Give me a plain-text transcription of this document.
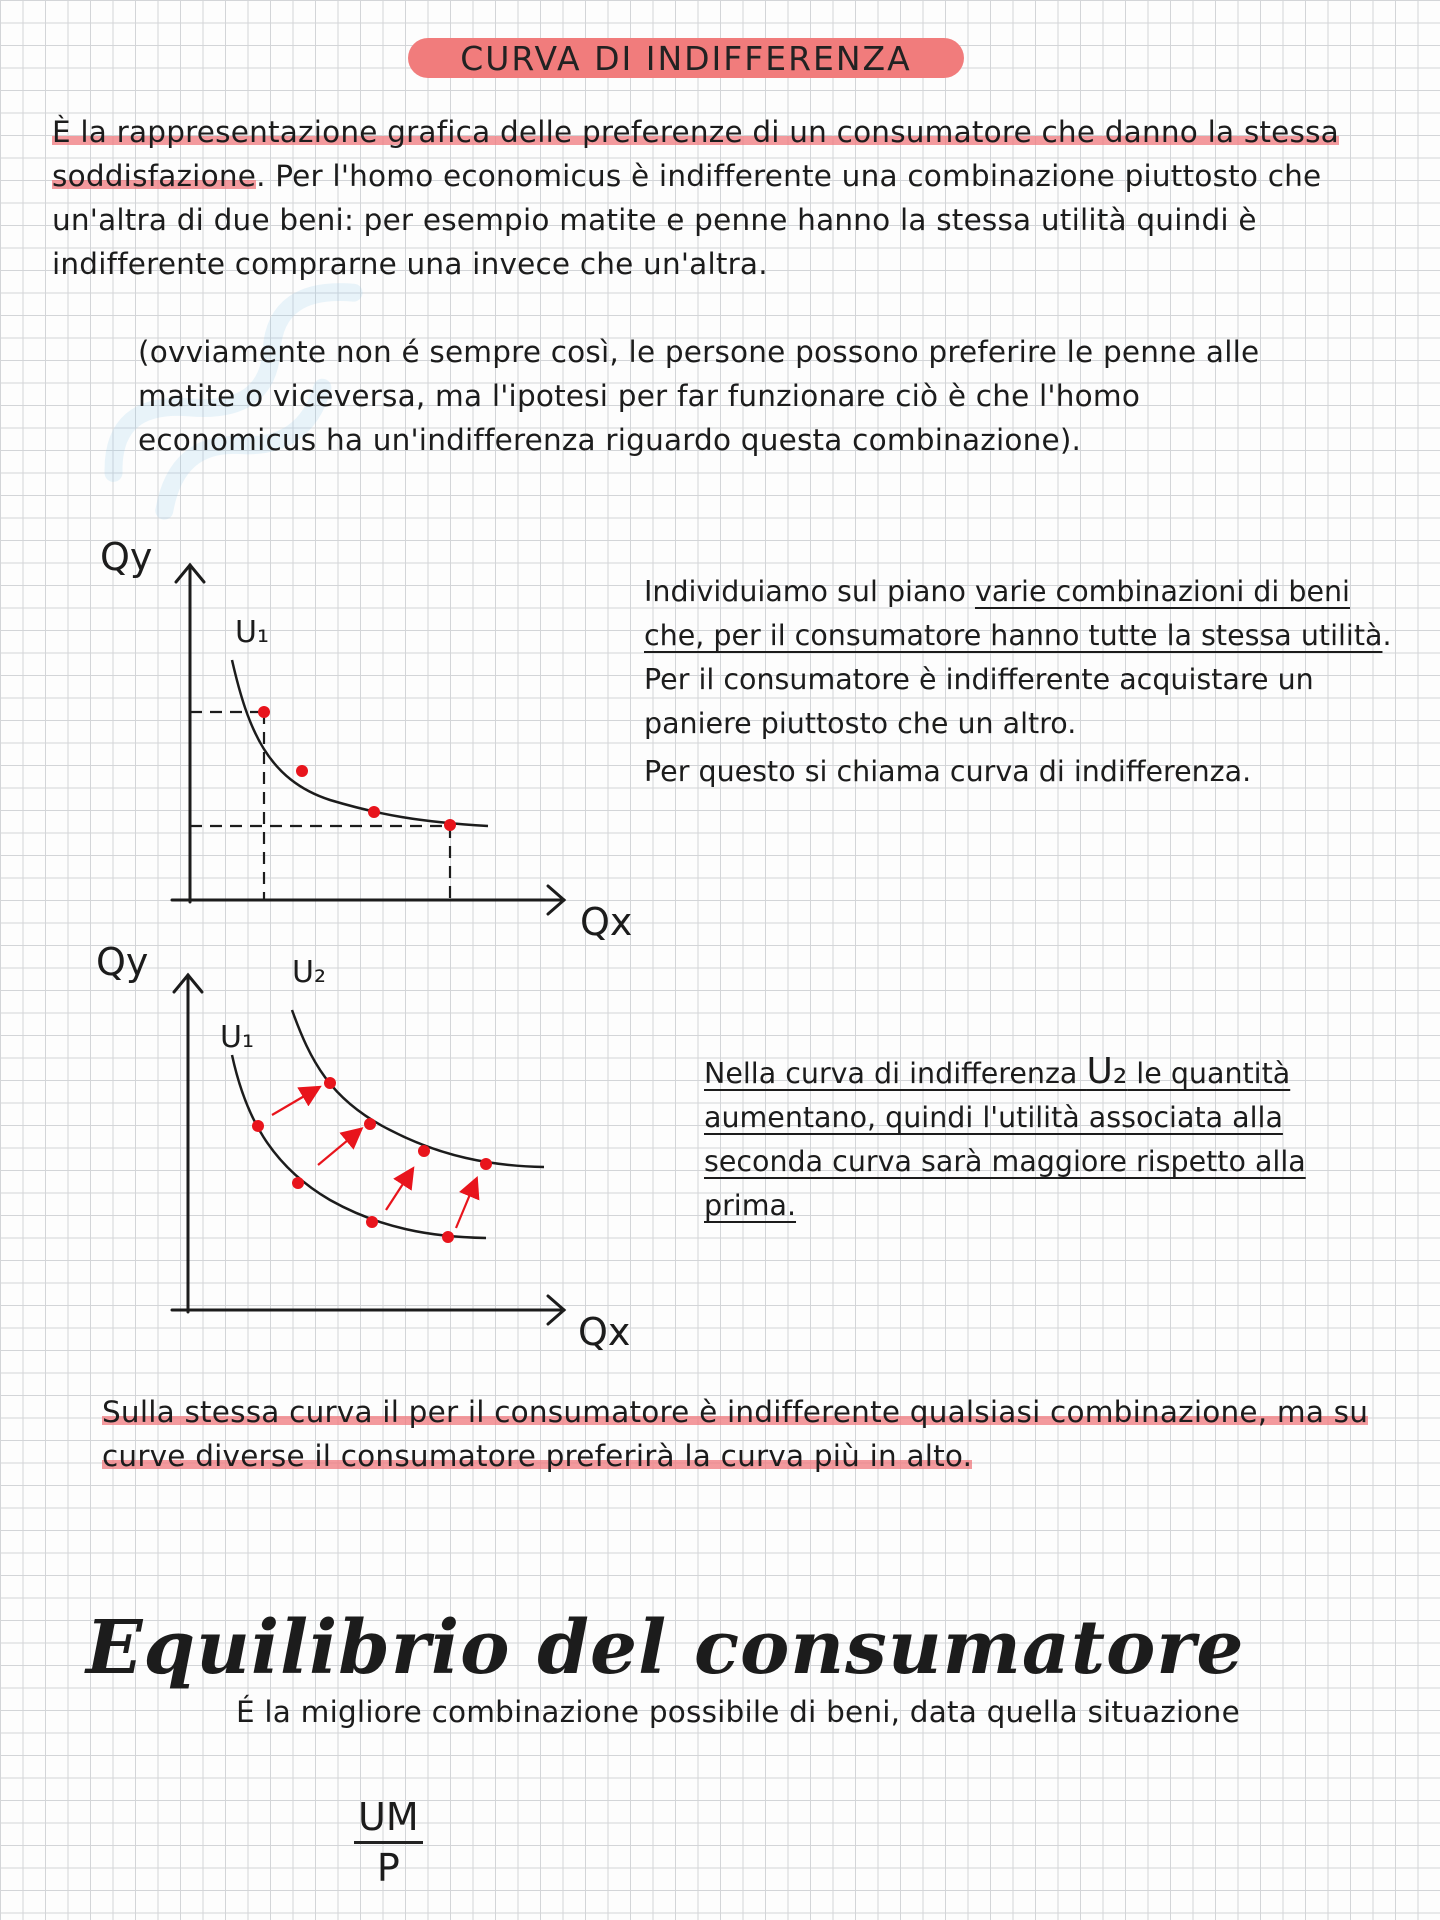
CURVA DI INDIFFERENZA

È la rappresentazione grafica delle preferenze di un consumatore che danno la stessa soddisfazione. Per l'homo economicus è indifferente una combinazione piuttosto che un'altra di due beni: per esempio matite e penne hanno la stessa utilità quindi è indifferente comprarne una invece che un'altra.

(ovviamente non é sempre così, le persone possono preferire le penne alle matite o viceversa, ma l'ipotesi per far funzionare ciò è che l'homo economicus ha un'indifferenza riguardo questa combinazione).

Qy
Qx
U₁

Individuiamo sul piano varie combinazioni di beni che, per il consumatore hanno tutte la stessa utilità. Per il consumatore è indifferente acquistare un paniere piuttosto che un altro.

Per questo si chiama curva di indifferenza.

Qy
Qx
U₁
U₂

Nella curva di indifferenza U₂ le quantità aumentano, quindi l'utilità associata alla seconda curva sarà maggiore rispetto alla prima.

Sulla stessa curva il per il consumatore è indifferente qualsiasi combinazione, ma su curve diverse il consumatore preferirà la curva più in alto.

Equilibrio del consumatore

É la migliore combinazione possibile di beni, data quella situazione

$\frac{UM}{P}$
